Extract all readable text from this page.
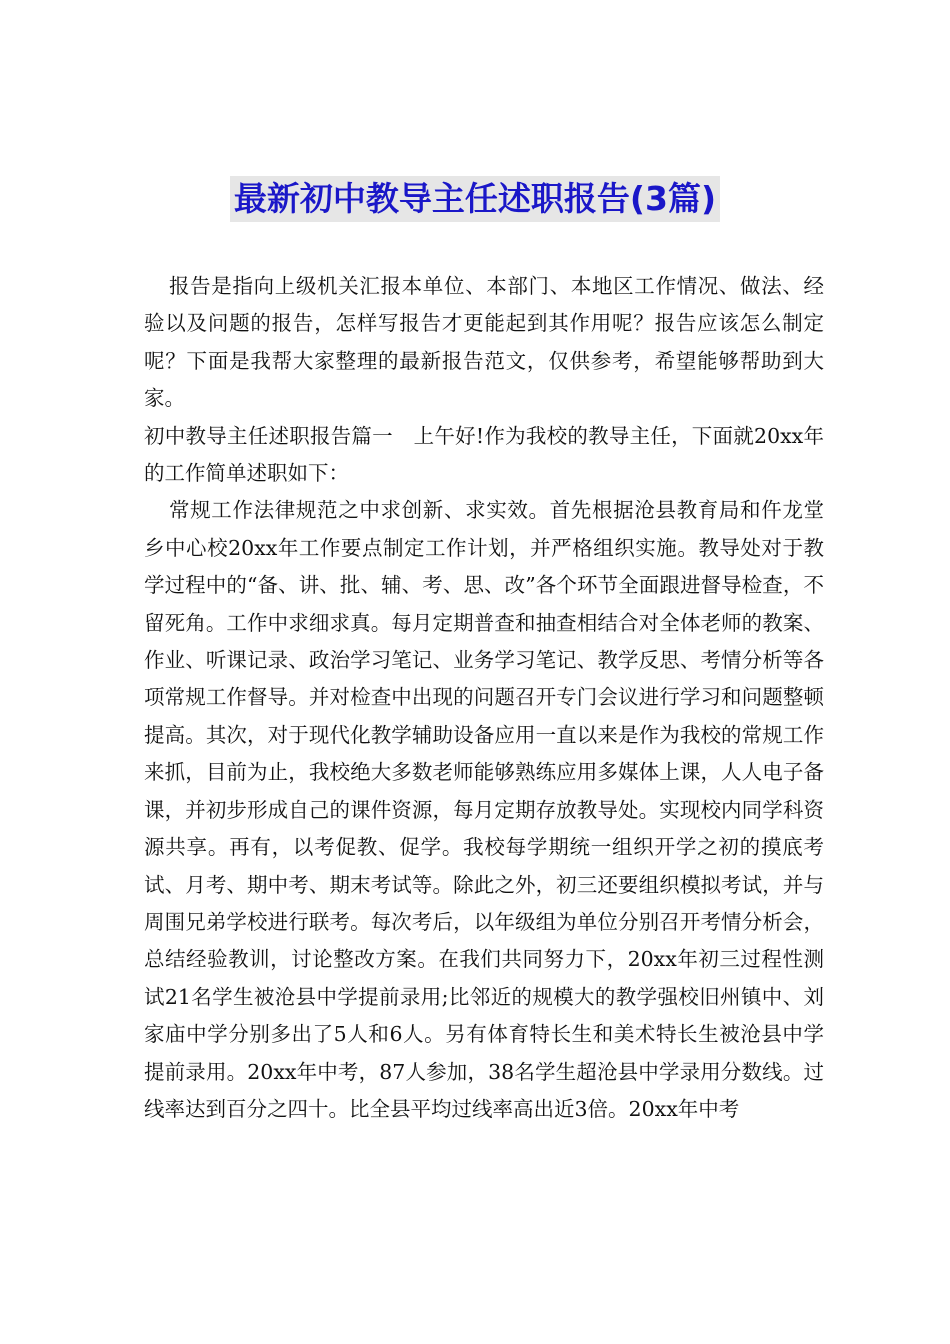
最新初中教导主任述职报告(3篇)

报告是指向上级机关汇报本单位、本部门、本地区工作情况、做法、经验以及问题的报告，怎样写报告才更能起到其作用呢？报告应该怎么制定呢？下面是我帮大家整理的最新报告范文，仅供参考，希望能够帮助到大家。

初中教导主任述职报告篇一　上午好!作为我校的教导主任，下面就20xx年的工作简单述职如下：

常规工作法律规范之中求创新、求实效。首先根据沧县教育局和仵龙堂乡中心校20xx年工作要点制定工作计划，并严格组织实施。教导处对于教学过程中的“备、讲、批、辅、考、思、改”各个环节全面跟进督导检查，不留死角。工作中求细求真。每月定期普查和抽查相结合对全体老师的教案、作业、听课记录、政治学习笔记、业务学习笔记、教学反思、考情分析等各项常规工作督导。并对检查中出现的问题召开专门会议进行学习和问题整顿提高。其次，对于现代化教学辅助设备应用一直以来是作为我校的常规工作来抓，目前为止，我校绝大多数老师能够熟练应用多媒体上课，人人电子备课，并初步形成自己的课件资源，每月定期存放教导处。实现校内同学科资源共享。再有，以考促教、促学。我校每学期统一组织开学之初的摸底考试、月考、期中考、期末考试等。除此之外，初三还要组织模拟考试，并与周围兄弟学校进行联考。每次考后，以年级组为单位分别召开考情分析会，总结经验教训，讨论整改方案。在我们共同努力下，20xx年初三过程性测试21名学生被沧县中学提前录用;比邻近的规模大的教学强校旧州镇中、刘家庙中学分别多出了5人和6人。另有体育特长生和美术特长生被沧县中学提前录用。20xx年中考，87人参加，38名学生超沧县中学录用分数线。过线率达到百分之四十。比全县平均过线率高出近3倍。20xx年中考
